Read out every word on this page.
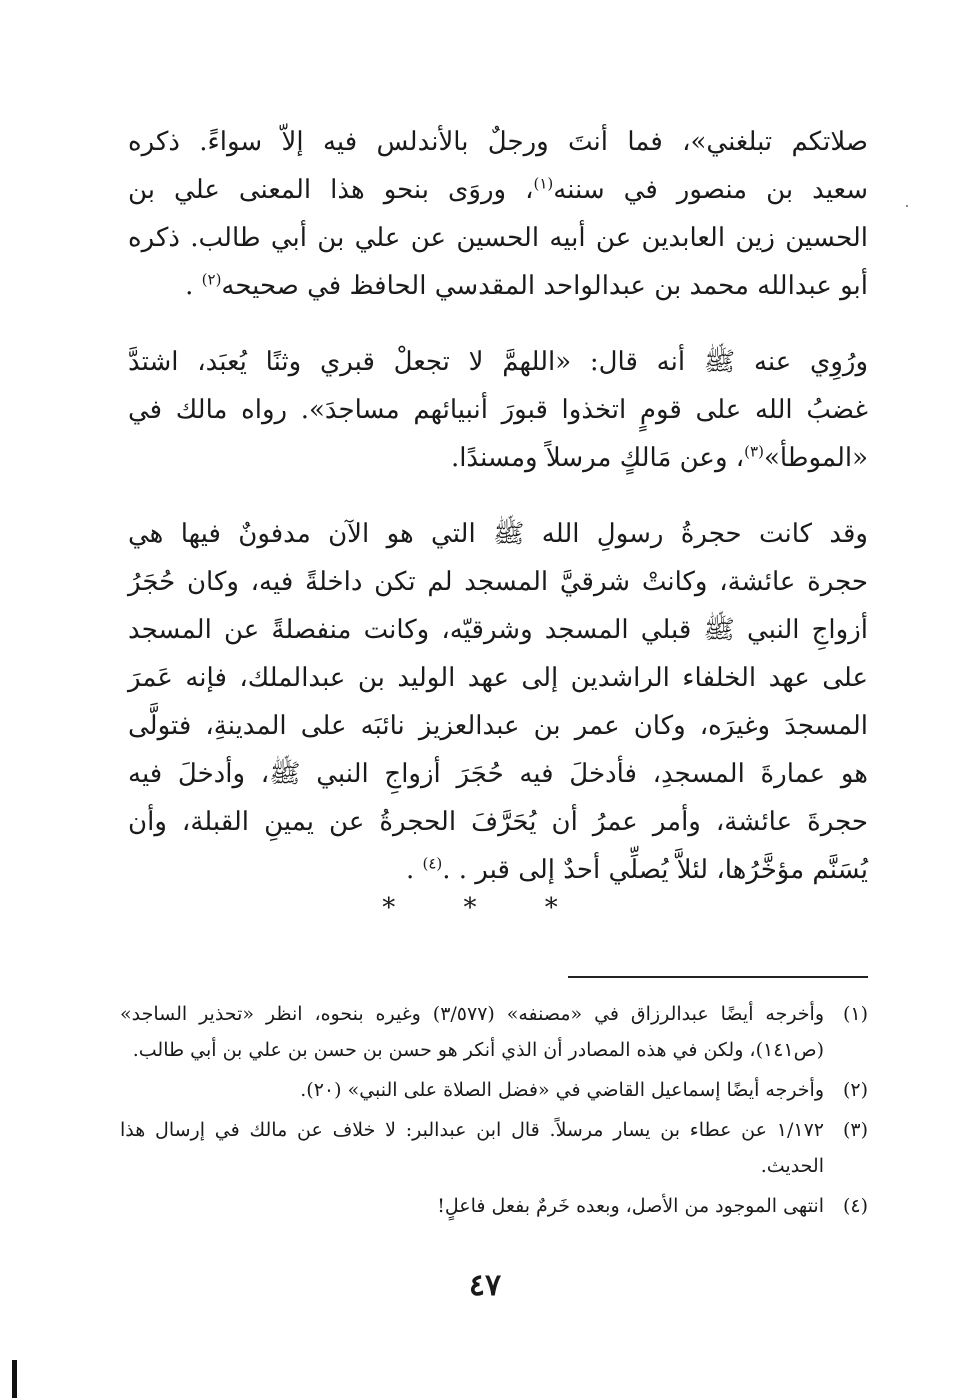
صلاتكم تبلغني»، فما أنتَ ورجلٌ بالأندلس فيه إلاّ سواءً. ذكره
سعيد بن منصور في سننه$^{(١)}$، وروَى بنحو هذا المعنى علي بن
الحسين زين العابدين عن أبيه الحسين عن علي بن أبي طالب. ذكره
أبو عبدالله محمد بن عبدالواحد المقدسي الحافظ في صحيحه$^{(٢)}$ .

ورُوِي عنه ﷺ أنه قال: «اللهمَّ لا تجعلْ قبري وثنًا يُعبَد، اشتدَّ
غضبُ الله على قومٍ اتخذوا قبورَ أنبيائهم مساجدَ». رواه مالك في
«الموطأ»$^{(٣)}$، وعن مَالكٍ مرسلاً ومسندًا.

وقد كانت حجرةُ رسولِ الله ﷺ التي هو الآن مدفونٌ فيها هي
حجرة عائشة، وكانتْ شرقيَّ المسجد لم تكن داخلةً فيه، وكان حُجَرُ
أزواجِ النبي ﷺ قبلي المسجد وشرقيّه، وكانت منفصلةً عن المسجد
على عهد الخلفاء الراشدين إلى عهد الوليد بن عبدالملك، فإنه عَمرَ
المسجدَ وغيرَه، وكان عمر بن عبدالعزيز نائبَه على المدينةِ، فتولَّى
هو عمارةَ المسجدِ، فأدخلَ فيه حُجَرَ أزواجِ النبي ﷺ، وأدخلَ فيه
حجرةَ عائشة، وأمر عمرُ أن يُحَرَّفَ الحجرةُ عن يمينِ القبلة، وأن
يُسَنَّم مؤخَّرُها، لئلاَّ يُصلِّي أحدٌ إلى قبر . .$^{(٤)}$ .

* * *
(١)
وأخرجه أيضًا عبدالرزاق في «مصنفه» (٣/٥٧٧) وغيره بنحوه، انظر «تحذير الساجد» (ص١٤١)، ولكن في هذه المصادر أن الذي أنكر هو حسن بن حسن بن علي بن أبي طالب.
(٢)
وأخرجه أيضًا إسماعيل القاضي في «فضل الصلاة على النبي» (٢٠).
(٣)
١/١٧٢ عن عطاء بن يسار مرسلاً. قال ابن عبدالبر: لا خلاف عن مالك في إرسال هذا الحديث.
(٤)
انتهى الموجود من الأصل، وبعده خَرمٌ بفعل فاعلٍ!
٤٧
